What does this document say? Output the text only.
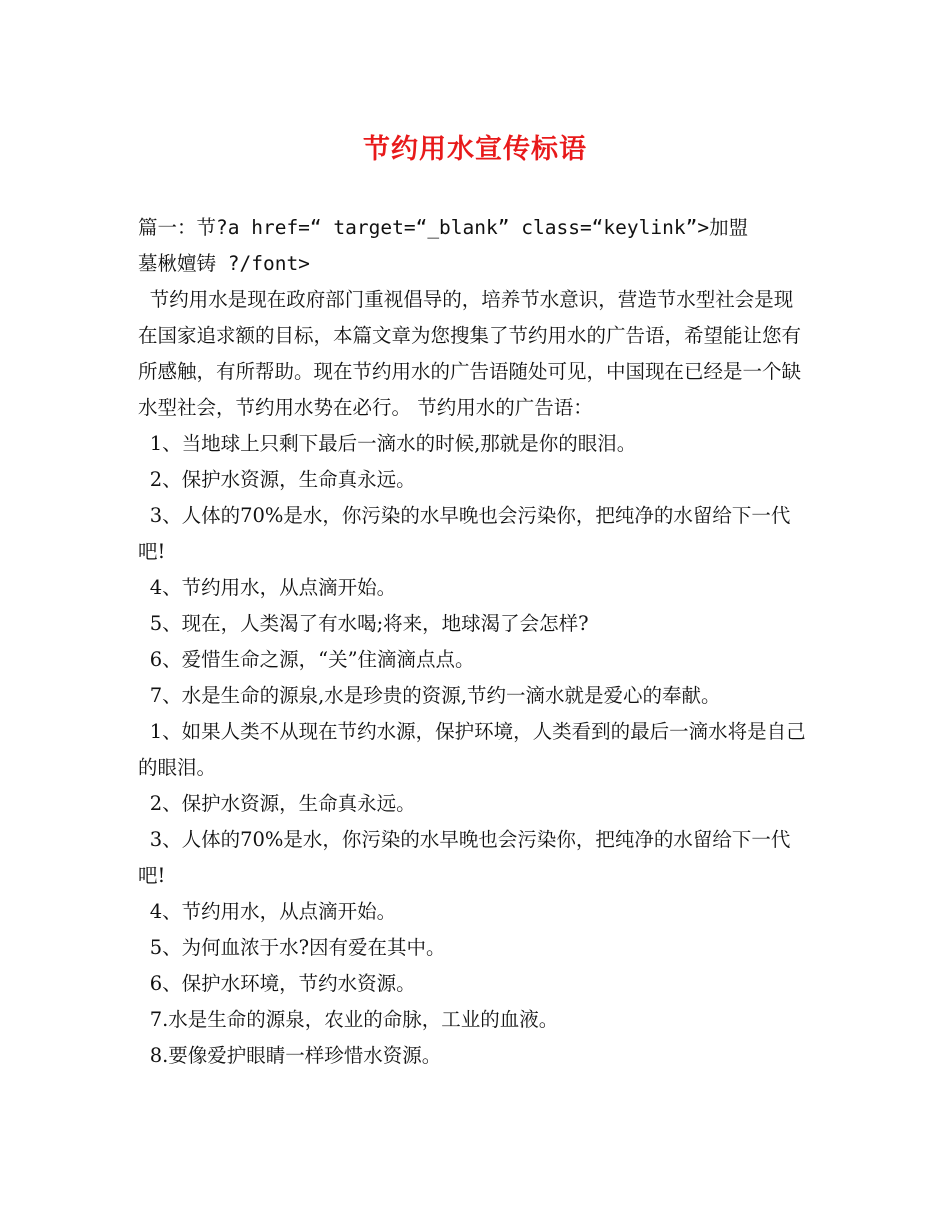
节约用水宣传标语

篇一：节?a href=“ target=“_blank” class=“keylink”>加盟

墓楸嬗铸 ?/font>

节约用水是现在政府部门重视倡导的，培养节水意识，营造节水型社会是现在国家追求额的目标，本篇文章为您搜集了节约用水的广告语，希望能让您有所感触，有所帮助。现在节约用水的广告语随处可见，中国现在已经是一个缺水型社会，节约用水势在必行。 节约用水的广告语：

1、当地球上只剩下最后一滴水的时候,那就是你的眼泪。

2、保护水资源，生命真永远。

3、人体的70%是水，你污染的水早晚也会污染你，把纯净的水留给下一代吧!

4、节约用水，从点滴开始。

5、现在，人类渴了有水喝;将来，地球渴了会怎样?

6、爱惜生命之源，“关”住滴滴点点。

7、水是生命的源泉,水是珍贵的资源,节约一滴水就是爱心的奉献。

1、如果人类不从现在节约水源，保护环境，人类看到的最后一滴水将是自己的眼泪。

2、保护水资源，生命真永远。

3、人体的70%是水，你污染的水早晚也会污染你，把纯净的水留给下一代吧!

4、节约用水，从点滴开始。

5、为何血浓于水?因有爱在其中。

6、保护水环境，节约水资源。

7.水是生命的源泉，农业的命脉，工业的血液。

8.要像爱护眼睛一样珍惜水资源。
